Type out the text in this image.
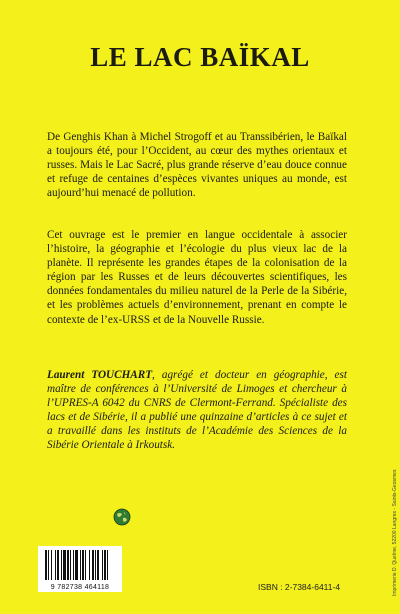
LE LAC BAÏKAL

De Genghis Khan à Michel Strogoff et au Transsibérien, le Baïkal a toujours été, pour l’Occident, au cœur des mythes orientaux et russes. Mais le Lac Sacré, plus grande réserve d’eau douce connue et refuge de centaines d’espèces vivantes uniques au monde, est aujourd’hui menacé de pollution.

Cet ouvrage est le premier en langue occidentale à associer l’histoire, la géographie et l’écologie du plus vieux lac de la planète. Il représente les grandes étapes de la colonisation de la région par les Russes et de leurs découvertes scientifiques, les données fondamentales du milieu naturel de la Perle de la Sibérie, et les problèmes actuels d’environnement, prenant en compte le contexte de l’ex-URSS et de la Nouvelle Russie.

Laurent TOUCHART, agrégé et docteur en géographie, est maître de conférences à l’Université de Limoges et chercheur à l’UPRES-A 6042 du CNRS de Clermont-Ferrand. Spécialiste des lacs et de Sibérie, il a publié une quinzaine d’articles à ce sujet et a travaillé dans les instituts de l’Académie des Sciences de la Sibérie Orientale à Irkoutsk.

9 782738 464118	ISBN : 2-7384-6411-4	Imprimerie D. Quelme, 52200 Langres - Saints-Geosmes
